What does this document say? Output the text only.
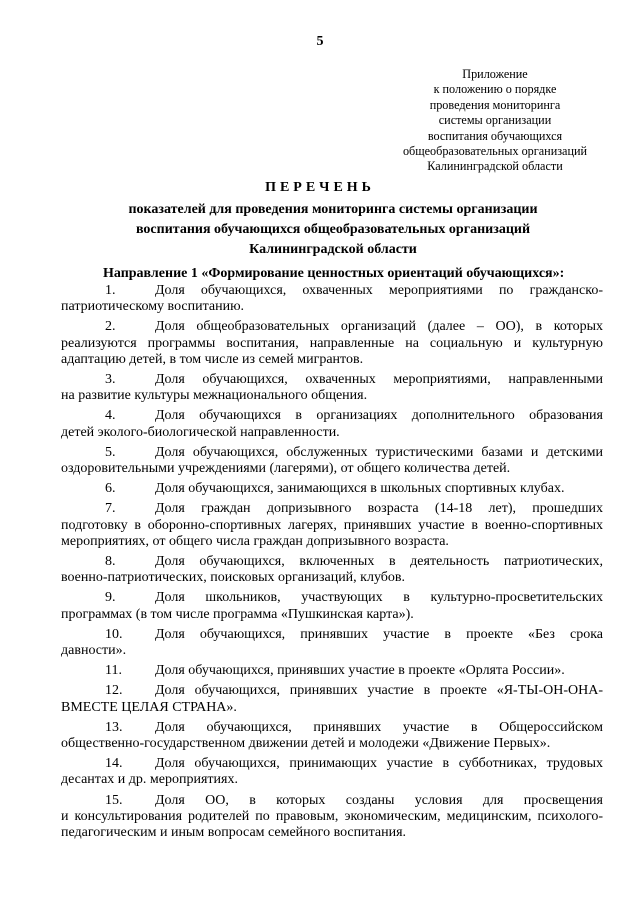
5
Приложение
к положению о порядке
проведения мониторинга
системы организации
воспитания обучающихся
общеобразовательных организаций
Калининградской области
ПЕРЕЧЕНЬ
показателей для проведения мониторинга системы организации
воспитания обучающихся общеобразовательных организаций
Калининградской области
Направление 1 «Формирование ценностных ориентаций обучающихся»:
1.	Доля обучающихся, охваченных мероприятиями по гражданско-
патриотическому воспитанию.
2.	Доля общеобразовательных организаций (далее – ОО), в которых
реализуются программы воспитания, направленные на социальную и культурную адаптацию детей, в том числе из семей мигрантов.
3.	Доля обучающихся, охваченных мероприятиями, направленными
на развитие культуры межнационального общения.
4.	Доля обучающихся в организациях дополнительного образования
детей эколого-биологической направленности.
5.	Доля обучающихся, обслуженных туристическими базами и детскими
оздоровительными учреждениями (лагерями), от общего количества детей.
6.	Доля обучающихся, занимающихся в школьных спортивных клубах.
7.	Доля граждан допризывного возраста (14-18 лет), прошедших
подготовку в оборонно-спортивных лагерях, принявших участие в военно-спортивных мероприятиях, от общего числа граждан допризывного возраста.
8.	Доля обучающихся, включенных в деятельность патриотических,
военно-патриотических, поисковых организаций, клубов.
9.	Доля школьников, участвующих в культурно-просветительских
программах (в том числе программа «Пушкинская карта»).
10. Доля обучающихся, принявших участие в проекте «Без срока
давности».
11. Доля обучающихся, принявших участие в проекте «Орлята России».
12. Доля обучающихся, принявших участие в проекте «Я-ТЫ-ОН-ОНА-
ВМЕСТЕ ЦЕЛАЯ СТРАНА».
13. Доля обучающихся, принявших участие в Общероссийском
общественно-государственном движении детей и молодежи «Движение Первых».
14. Доля обучающихся, принимающих участие в субботниках, трудовых
десантах и др. мероприятиях.
15. Доля ОО, в которых созданы условия для просвещения
и консультирования родителей по правовым, экономическим, медицинским, психолого-педагогическим и иным вопросам семейного воспитания.
